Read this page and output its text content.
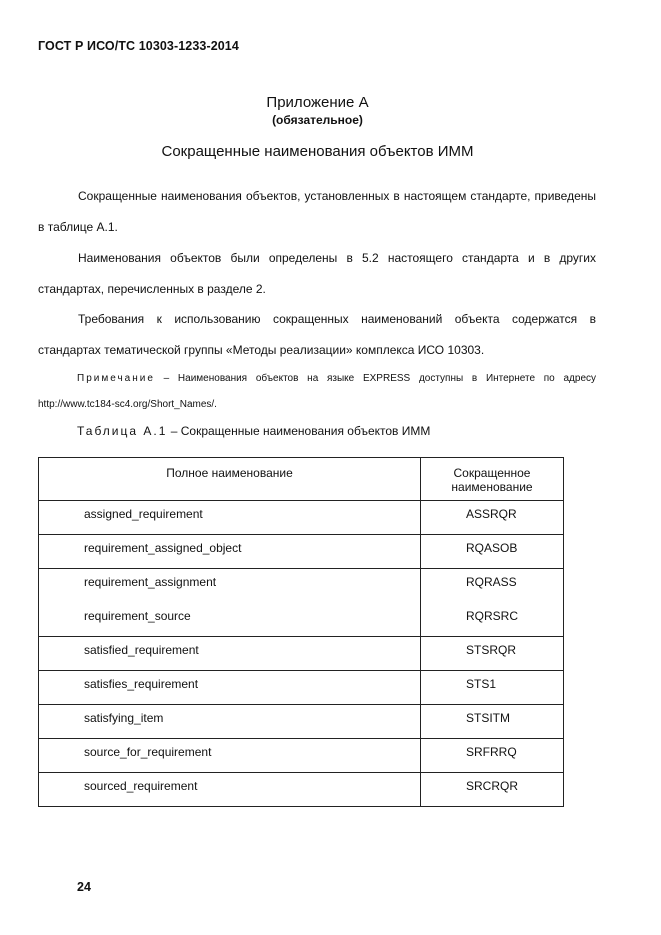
ГОСТ Р ИСО/ТС 10303-1233-2014
Приложение А
(обязательное)
Сокращенные наименования объектов ИММ
Сокращенные наименования объектов, установленных в настоящем стандарте, приведены в таблице А.1.
Наименования объектов были определены в 5.2 настоящего стандарта и в других стандартах, перечисленных в разделе 2.
Требования к использованию сокращенных наименований объекта содержатся в стандартах тематической группы «Методы реализации» комплекса ИСО 10303.
Примечание – Наименования объектов на языке EXPRESS доступны в Интернете по адресу http://www.tc184-sc4.org/Short_Names/.
Таблица А.1 – Сокращенные наименования объектов ИММ
Полное наименование	Сокращенное наименование
assigned_requirement	ASSRQR
requirement_assigned_object	RQASOB
requirement_assignment	RQRASS
requirement_source	RQRSRC
satisfied_requirement	STSRQR
satisfies_requirement	STS1
satisfying_item	STSITM
source_for_requirement	SRFRRQ
sourced_requirement	SRCRQR
24
